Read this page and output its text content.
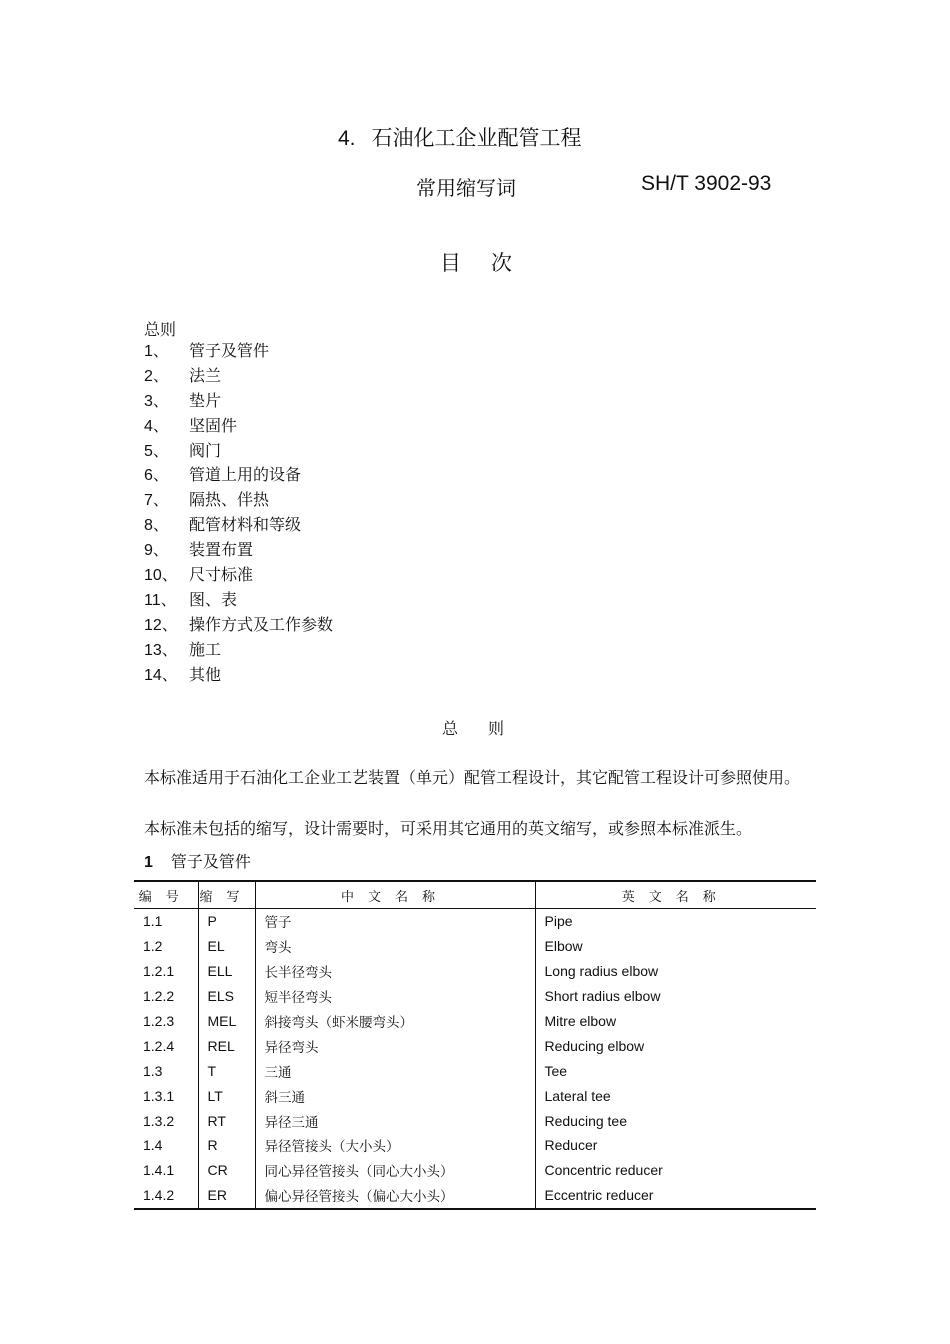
4. 石油化工企业配管工程
常用缩写词	SH/T 3902-93
目次
总则
1、 管子及管件
2、 法兰
3、 垫片
4、 坚固件
5、 阀门
6、 管道上用的设备
7、 隔热、伴热
8、 配管材料和等级
9、 装置布置
10、 尺寸标准
11、 图、表
12、 操作方式及工作参数
13、 施工
14、 其他
总则
本标准适用于石油化工企业工艺装置（单元）配管工程设计，其它配管工程设计可参照使用。
本标准未包括的缩写，设计需要时，可采用其它通用的英文缩写，或参照本标准派生。
1 管子及管件
编号	缩写	中文名称	英文名称
1.1	P	管子	Pipe
1.2	EL	弯头	Elbow
1.2.1	ELL	长半径弯头	Long radius elbow
1.2.2	ELS	短半径弯头	Short radius elbow
1.2.3	MEL	斜接弯头（虾米腰弯头）	Mitre elbow
1.2.4	REL	异径弯头	Reducing elbow
1.3	T	三通	Tee
1.3.1	LT	斜三通	Lateral tee
1.3.2	RT	异径三通	Reducing tee
1.4	R	异径管接头（大小头）	Reducer
1.4.1	CR	同心异径管接头（同心大小头）	Concentric reducer
1.4.2	ER	偏心异径管接头（偏心大小头）	Eccentric reducer
